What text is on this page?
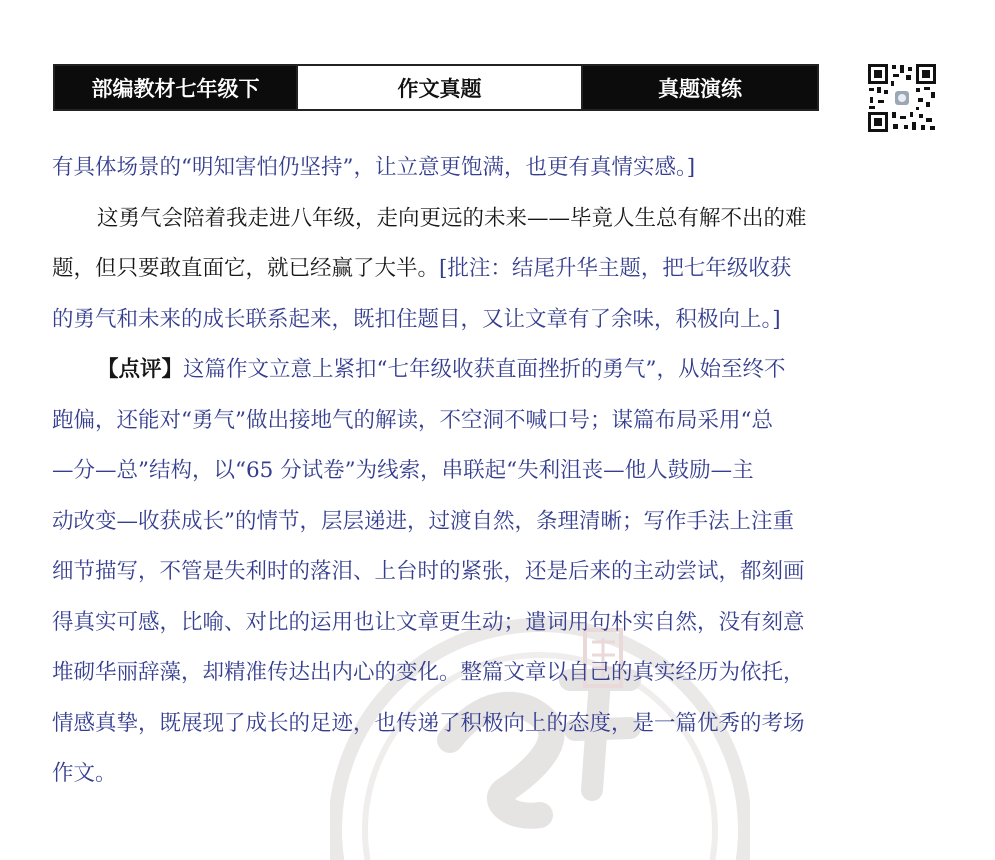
部编教材七年级下	作文真题	真题演练
有具体场景的“明知害怕仍坚持”，让立意更饱满，也更有真情实感。]
这勇气会陪着我走进八年级，走向更远的未来——毕竟人生总有解不出的难
题，但只要敢直面它，就已经赢了大半。[批注：结尾升华主题，把七年级收获
的勇气和未来的成长联系起来，既扣住题目，又让文章有了余味，积极向上。]
【点评】这篇作文立意上紧扣“七年级收获直面挫折的勇气”，从始至终不
跑偏，还能对“勇气”做出接地气的解读，不空洞不喊口号；谋篇布局采用“总
—分—总”结构，以“65 分试卷”为线索，串联起“失利沮丧—他人鼓励—主
动改变—收获成长”的情节，层层递进，过渡自然，条理清晰；写作手法上注重
细节描写，不管是失利时的落泪、上台时的紧张，还是后来的主动尝试，都刻画
得真实可感，比喻、对比的运用也让文章更生动；遣词用句朴实自然，没有刻意
堆砌华丽辞藻，却精准传达出内心的变化。整篇文章以自己的真实经历为依托，
情感真挚，既展现了成长的足迹，也传递了积极向上的态度，是一篇优秀的考场
作文。
